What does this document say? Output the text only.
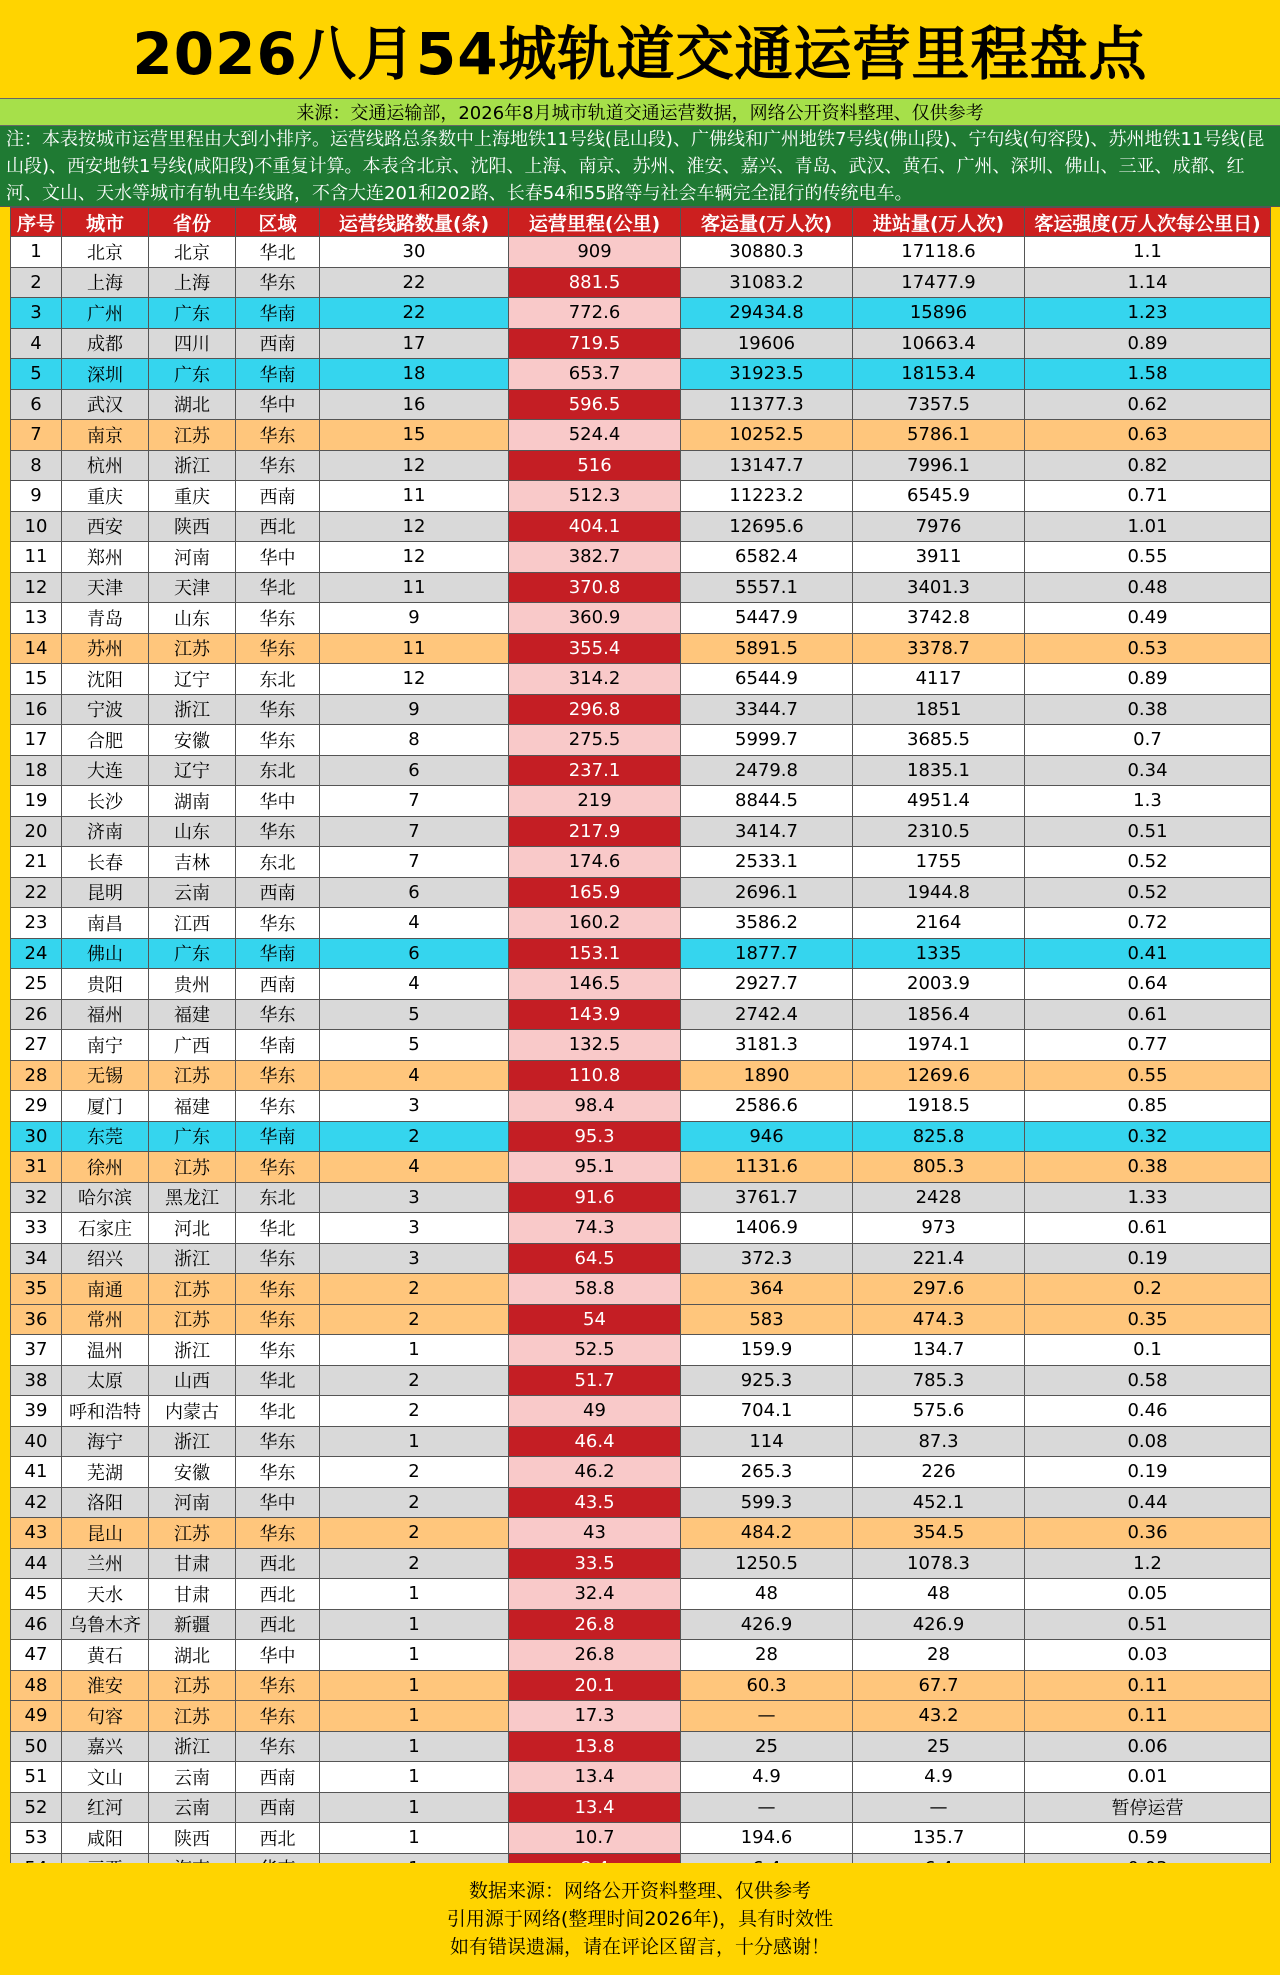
2026八月54城轨道交通运营里程盘点
来源：交通运输部，2026年8月城市轨道交通运营数据，网络公开资料整理、仅供参考
注：本表按城市运营里程由大到小排序。运营线路总条数中上海地铁11号线(昆山段)、广佛线和广州地铁7号线(佛山段)、宁句线(句容段)、苏州地铁11号线(昆山段)、西安地铁1号线(咸阳段)不重复计算。本表含北京、沈阳、上海、南京、苏州、淮安、嘉兴、青岛、武汉、黄石、广州、深圳、佛山、三亚、成都、红河、文山、天水等城市有轨电车线路，不含大连201和202路、长春54和55路等与社会车辆完全混行的传统电车。
序号	城市	省份	区域	运营线路数量(条)	运营里程(公里)	客运量(万人次)	进站量(万人次)	客运强度(万人次每公里日)
1	北京	北京	华北	30	909	30880.3	17118.6	1.1
2	上海	上海	华东	22	881.5	31083.2	17477.9	1.14
3	广州	广东	华南	22	772.6	29434.8	15896	1.23
4	成都	四川	西南	17	719.5	19606	10663.4	0.89
5	深圳	广东	华南	18	653.7	31923.5	18153.4	1.58
6	武汉	湖北	华中	16	596.5	11377.3	7357.5	0.62
7	南京	江苏	华东	15	524.4	10252.5	5786.1	0.63
8	杭州	浙江	华东	12	516	13147.7	7996.1	0.82
9	重庆	重庆	西南	11	512.3	11223.2	6545.9	0.71
10	西安	陕西	西北	12	404.1	12695.6	7976	1.01
11	郑州	河南	华中	12	382.7	6582.4	3911	0.55
12	天津	天津	华北	11	370.8	5557.1	3401.3	0.48
13	青岛	山东	华东	9	360.9	5447.9	3742.8	0.49
14	苏州	江苏	华东	11	355.4	5891.5	3378.7	0.53
15	沈阳	辽宁	东北	12	314.2	6544.9	4117	0.89
16	宁波	浙江	华东	9	296.8	3344.7	1851	0.38
17	合肥	安徽	华东	8	275.5	5999.7	3685.5	0.7
18	大连	辽宁	东北	6	237.1	2479.8	1835.1	0.34
19	长沙	湖南	华中	7	219	8844.5	4951.4	1.3
20	济南	山东	华东	7	217.9	3414.7	2310.5	0.51
21	长春	吉林	东北	7	174.6	2533.1	1755	0.52
22	昆明	云南	西南	6	165.9	2696.1	1944.8	0.52
23	南昌	江西	华东	4	160.2	3586.2	2164	0.72
24	佛山	广东	华南	6	153.1	1877.7	1335	0.41
25	贵阳	贵州	西南	4	146.5	2927.7	2003.9	0.64
26	福州	福建	华东	5	143.9	2742.4	1856.4	0.61
27	南宁	广西	华南	5	132.5	3181.3	1974.1	0.77
28	无锡	江苏	华东	4	110.8	1890	1269.6	0.55
29	厦门	福建	华东	3	98.4	2586.6	1918.5	0.85
30	东莞	广东	华南	2	95.3	946	825.8	0.32
31	徐州	江苏	华东	4	95.1	1131.6	805.3	0.38
32	哈尔滨	黑龙江	东北	3	91.6	3761.7	2428	1.33
33	石家庄	河北	华北	3	74.3	1406.9	973	0.61
34	绍兴	浙江	华东	3	64.5	372.3	221.4	0.19
35	南通	江苏	华东	2	58.8	364	297.6	0.2
36	常州	江苏	华东	2	54	583	474.3	0.35
37	温州	浙江	华东	1	52.5	159.9	134.7	0.1
38	太原	山西	华北	2	51.7	925.3	785.3	0.58
39	呼和浩特	内蒙古	华北	2	49	704.1	575.6	0.46
40	海宁	浙江	华东	1	46.4	114	87.3	0.08
41	芜湖	安徽	华东	2	46.2	265.3	226	0.19
42	洛阳	河南	华中	2	43.5	599.3	452.1	0.44
43	昆山	江苏	华东	2	43	484.2	354.5	0.36
44	兰州	甘肃	西北	2	33.5	1250.5	1078.3	1.2
45	天水	甘肃	西北	1	32.4	48	48	0.05
46	乌鲁木齐	新疆	西北	1	26.8	426.9	426.9	0.51
47	黄石	湖北	华中	1	26.8	28	28	0.03
48	淮安	江苏	华东	1	20.1	60.3	67.7	0.11
49	句容	江苏	华东	1	17.3	—	43.2	0.11
50	嘉兴	浙江	华东	1	13.8	25	25	0.06
51	文山	云南	西南	1	13.4	4.9	4.9	0.01
52	红河	云南	西南	1	13.4	—	—	暂停运营
53	咸阳	陕西	西北	1	10.7	194.6	135.7	0.59

数据来源：网络公开资料整理、仅供参考
引用源于网络(整理时间2026年)，具有时效性
如有错误遗漏，请在评论区留言，十分感谢！
